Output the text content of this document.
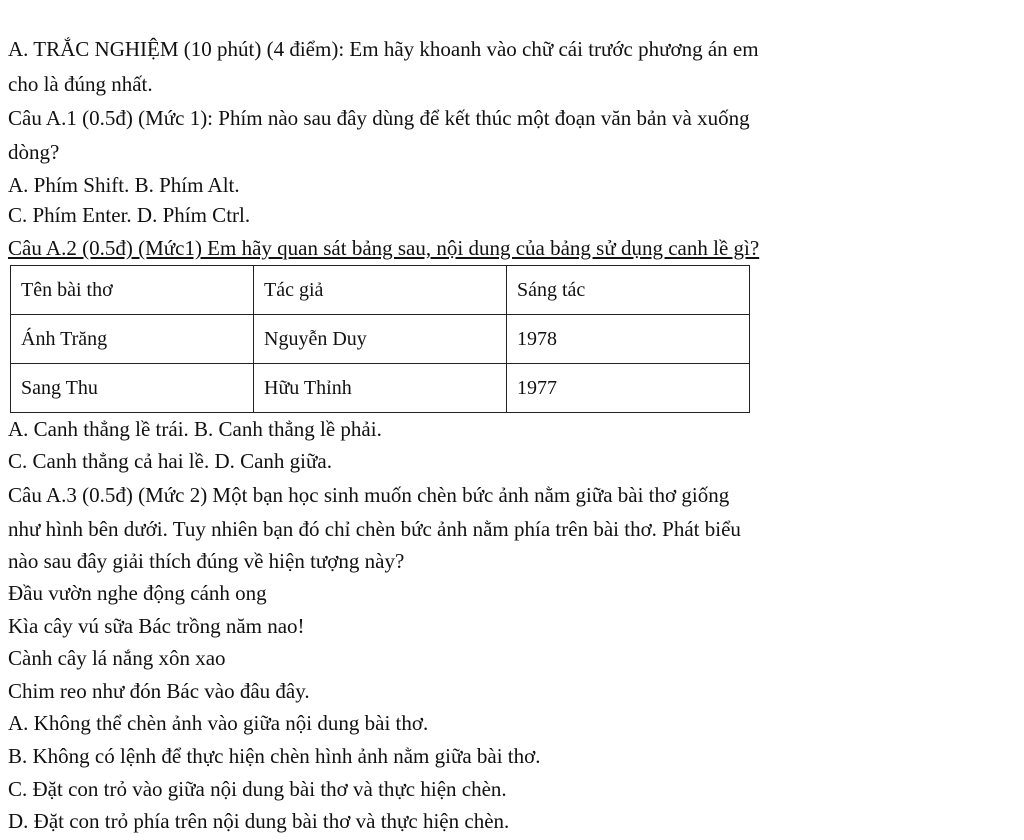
A. TRẮC NGHIỆM (10 phút) (4 điểm): Em hãy khoanh vào chữ cái trước phương án em
cho là đúng nhất.
Câu A.1 (0.5đ) (Mức 1): Phím nào sau đây dùng để kết thúc một đoạn văn bản và xuống
dòng?
A. Phím Shift. B. Phím Alt.
C. Phím Enter. D. Phím Ctrl.
Câu A.2 (0.5đ) (Mức1) Em hãy quan sát bảng sau, nội dung của bảng sử dụng canh lề gì?
Tên bài thơ	Tác giả	Sáng tác
Ánh Trăng	Nguyễn Duy	1978
Sang Thu	Hữu Thỉnh	1977
A. Canh thẳng lề trái. B. Canh thẳng lề phải.
C. Canh thẳng cả hai lề. D. Canh giữa.
Câu A.3 (0.5đ) (Mức 2) Một bạn học sinh muốn chèn bức ảnh nằm giữa bài thơ giống
như hình bên dưới. Tuy nhiên bạn đó chỉ chèn bức ảnh nằm phía trên bài thơ. Phát biểu
nào sau đây giải thích đúng về hiện tượng này?
Đầu vườn nghe động cánh ong
Kìa cây vú sữa Bác trồng năm nao!
Cành cây lá nắng xôn xao
Chim reo như đón Bác vào đâu đây.
A. Không thể chèn ảnh vào giữa nội dung bài thơ.
B. Không có lệnh để thực hiện chèn hình ảnh nằm giữa bài thơ.
C. Đặt con trỏ vào giữa nội dung bài thơ và thực hiện chèn.
D. Đặt con trỏ phía trên nội dung bài thơ và thực hiện chèn.
